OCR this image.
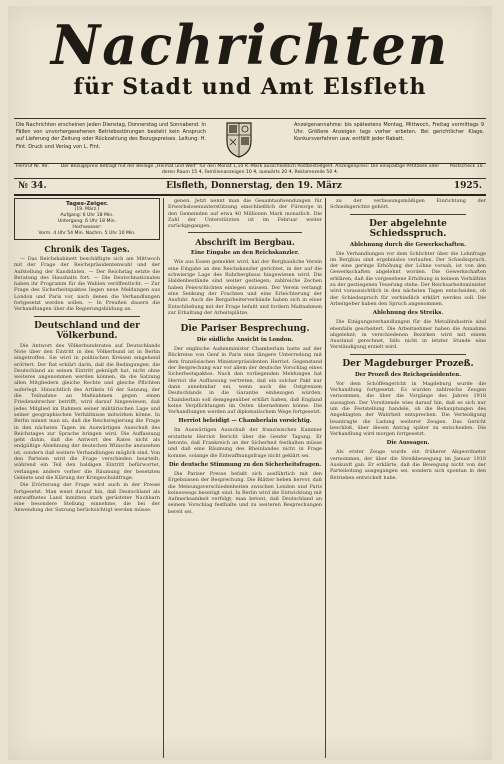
Nachrichten
für Stadt und Amt Elsfleth
Die Nachrichten erscheinen jeden Dienstag, Donnerstag und Sonnabend. In Fällen von unvorhergesehenen Betriebsstörungen besteht kein Anspruch auf Lieferung der Zeitung oder Rückzahlung des Bezugspreises. Leitung: H. Fint. Druck und Verlag von L. Fint.
Anzeigenannahme: bis spätestens Montag, Mittwoch, Freitag vormittags 9 Uhr. Größere Anzeigen tags vorher erbeten. Bei gerichtlicher Klage, Konkursverfahren usw. entfällt jeder Rabatt.
Fernruf Nr. 90.	Der Bezugspreis beträgt mit der Beilage „Heimat und Welt“ für den Monat 1,10 R.-Mark ausschließlich Postbestellgeld. Anzeigenpreis: Die einspaltige Petitzeile oder deren Raum 15 ₰, Familienanzeigen 10 ₰, auswärts 20 ₰, Reklamezeile 50 ₰.
Postscheck 10.
№ 34.	Elsfleth, Donnerstag, den 19. März	1925.
Tages-Zeiger.
(19. März.)
Aufgang: 6 Uhr 18 Min.
Untergang: 6 Uhr 18 Min.
Hochwasser:
Vorm. 4 Uhr 54 Min. Nachm. 5 Uhr 10 Min.
Chronik des Tages.

— Das Reichskabinett beschäftigte sich am Mittwoch mit der Frage der Reichspräsidentenwahl und der Aufstellung der Kandidaten. — Der Reichstag setzte die Beratung des Haushalts fort. — Die Deutschnationalen haben ihr Programm für die Wahlen veröffentlicht. — Zur Frage des Sicherheitspaktes liegen neue Meldungen aus London und Paris vor, nach denen die Verhandlungen fortgesetzt werden sollen. — In Preußen dauern die Verhandlungen über die Regierungsbildung an.

Deutschland und der Völkerbund.

Die Antwort des Völkerbundsrates auf Deutschlands Note über den Eintritt in den Völkerbund ist in Berlin eingetroffen. Sie wird in politischen Kreisen eingehend erörtert. Der Rat erklärt darin, daß die Bedingungen, die Deutschland an seinen Eintritt geknüpft hat, nicht ohne weiteres angenommen werden können, da die Satzung allen Mitgliedern gleiche Rechte und gleiche Pflichten auferlegt. Hinsichtlich des Artikels 16 der Satzung, der die Teilnahme an Maßnahmen gegen einen Friedensbrecher betrifft, wird darauf hingewiesen, daß jedes Mitglied im Rahmen seiner militärischen Lage und seiner geographischen Verhältnisse mitwirken könne. In Berlin nimmt man an, daß die Reichsregierung die Frage in den nächsten Tagen im Auswärtigen Ausschuß des Reichstages zur Sprache bringen wird. Die Auffassung geht dahin, daß die Antwort des Rates nicht als endgültige Ablehnung der deutschen Wünsche anzusehen ist, sondern daß weitere Verhandlungen möglich sind. Von den Parteien wird die Frage verschieden beurteilt; während ein Teil den baldigen Eintritt befürwortet, verlangen andere vorher die Räumung der besetzten Gebiete und die Klärung der Kriegsschuldfrage.

Die Erörterung der Frage wird auch in der Presse fortgesetzt. Man weist darauf hin, daß Deutschland als entwaffnetes Land inmitten stark gerüsteter Nachbarn eine besondere Stellung einnehme, die bei der Anwendung der Satzung berücksichtigt werden müsse.

genen. Jetzt nennt man die Gesamtaufwendungen für Erwerbslosenunterstützung einschließlich der Fürsorge in den Gemeinden auf etwa 40 Millionen Mark monatlich. Die Zahl der Unterstützten ist im Februar weiter zurückgegangen.

Abschrift im Bergbau.
Eine Eingabe an den Reichskanzler.

Wie aus Essen gemeldet wird, hat der Bergbauliche Verein eine Eingabe an den Reichskanzler gerichtet, in der auf die schwierige Lage des Ruhrbergbaus hingewiesen wird. Die Haldenbestände sind weiter gestiegen; zahlreiche Zechen haben Feierschichten einlegen müssen. Der Verein verlangt eine Senkung der Frachten und eine Erleichterung der Ausfuhr. Auch die Bergarbeiterverbände haben sich in einer Entschließung mit der Frage befaßt und fordern Maßnahmen zur Erhaltung der Arbeitsplätze.

Die Pariser Besprechung.
Die südliche Ansicht in London.

Der englische Außenminister Chamberlain hatte auf der Rückreise von Genf in Paris eine längere Unterredung mit dem französischen Ministerpräsidenten Herriot. Gegenstand der Besprechung war vor allem der deutsche Vorschlag eines Sicherheitspaktes. Nach den vorliegenden Meldungen hat Herriot die Auffassung vertreten, daß ein solcher Pakt nur dann annehmbar sei, wenn auch die Ostgrenzen Deutschlands in die Garantie einbezogen würden. Chamberlain soll demgegenüber erklärt haben, daß England keine Verpflichtungen im Osten übernehmen könne. Die Verhandlungen werden auf diplomatischem Wege fortgesetzt.

Herriot beleidigt — Chamberlain vorsichtig.

Im Auswärtigen Ausschuß der französischen Kammer erstattete Herriot Bericht über die Genfer Tagung. Er betonte, daß Frankreich an der Sicherheit festhalten müsse und daß eine Räumung des Rheinlandes nicht in Frage komme, solange die Entwaffnungsfrage nicht geklärt sei.

Die deutsche Stimmung zu den Sicherheitsfragen.

Die Pariser Presse befaßt sich ausführlich mit den Ergebnissen der Besprechung. Die Blätter heben hervor, daß die Meinungsverschiedenheiten zwischen London und Paris keineswegs beseitigt sind. In Berlin wird die Entwicklung mit Aufmerksamkeit verfolgt; man betont, daß Deutschland an seinem Vorschlag festhalte und zu weiteren Besprechungen bereit sei.

zu der verfassungsmäßigen Einrichtung der Schiedsgerichte gehört.

Der abgelehnte Schiedsspruch.
Ablehnung durch die Gewerkschaften.

Die Verhandlungen vor dem Schlichter über die Lohnfrage im Bergbau sind ergebnislos verlaufen. Der Schiedsspruch, der eine geringe Erhöhung der Löhne vorsah, ist von den Gewerkschaften abgelehnt worden. Die Gewerkschaften erklären, daß die vorgesehene Erhöhung in keinem Verhältnis zu der gestiegenen Teuerung stehe. Der Reichsarbeitsminister wird voraussichtlich in den nächsten Tagen entscheiden, ob der Schiedsspruch für verbindlich erklärt werden soll. Die Arbeitgeber haben den Spruch angenommen.

Ablehnung des Streiks.

Die Einigungsverhandlungen für die Metallindustrie sind ebenfalls gescheitert. Die Arbeitnehmer haben die Annahme abgelehnt; in verschiedenen Bezirken wird mit einem Ausstand gerechnet, falls nicht in letzter Stunde eine Verständigung erzielt wird.

Der Magdeburger Prozeß.
Der Prozeß des Reichspräsidenten.

Vor dem Schöffengericht in Magdeburg wurde die Verhandlung fortgesetzt. Es wurden zahlreiche Zeugen vernommen, die über die Vorgänge des Jahres 1918 aussagten. Der Vorsitzende wies darauf hin, daß es sich nur um die Feststellung handele, ob die Behauptungen des Angeklagten der Wahrheit entsprechen. Die Verteidigung beantragte die Ladung weiterer Zeugen. Das Gericht beschloß, über diesen Antrag später zu entscheiden. Die Verhandlung wird morgen fortgesetzt.

Die Aussagen.

Als erster Zeuge wurde ein früherer Abgeordneter vernommen, der über die Streikbewegung im Januar 1918 Auskunft gab. Er erklärte, daß die Bewegung nicht von der Parteileitung ausgegangen sei, sondern sich spontan in den Betrieben entwickelt habe.
